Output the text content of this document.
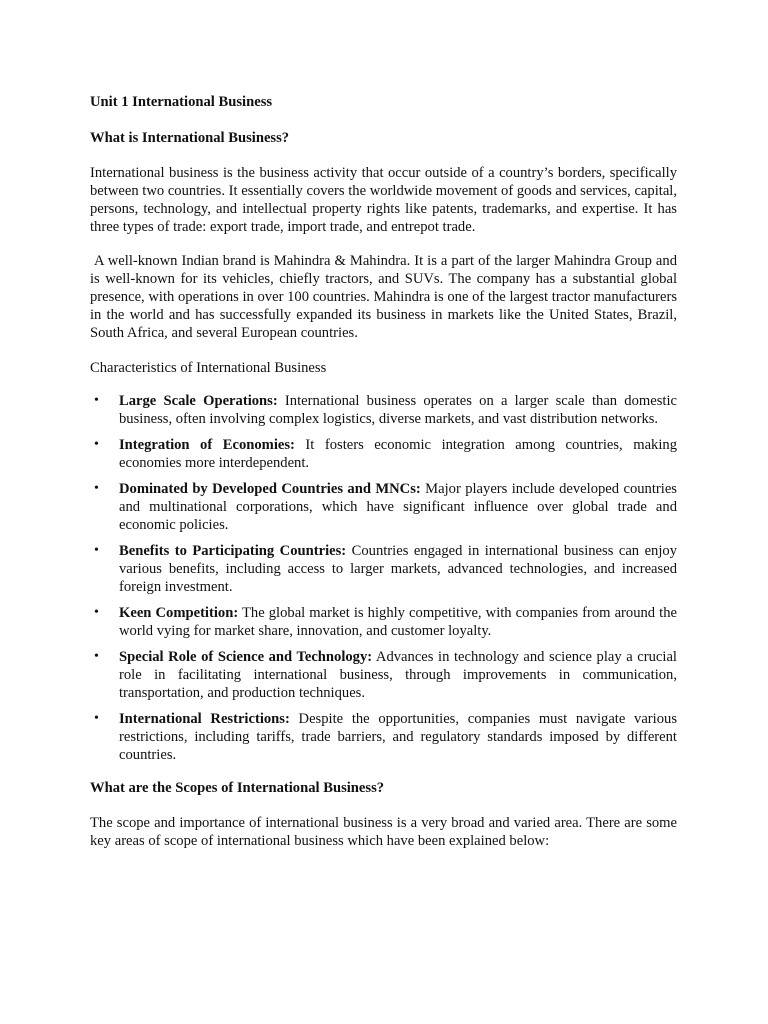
Unit 1 International Business
What is International Business?

International business is the business activity that occur outside of a country’s borders, specifically between two countries. It essentially covers the worldwide movement of goods and services, capital, persons, technology, and intellectual property rights like patents, trademarks, and expertise. It has three types of trade: export trade, import trade, and entrepot trade.

A well-known Indian brand is Mahindra & Mahindra. It is a part of the larger Mahindra Group and is well-known for its vehicles, chiefly tractors, and SUVs. The company has a substantial global presence, with operations in over 100 countries. Mahindra is one of the largest tractor manufacturers in the world and has successfully expanded its business in markets like the United States, Brazil, South Africa, and several European countries.

Characteristics of International Business
• Large Scale Operations: International business operates on a larger scale than domestic business, often involving complex logistics, diverse markets, and vast distribution networks.
• Integration of Economies: It fosters economic integration among countries, making economies more interdependent.
• Dominated by Developed Countries and MNCs: Major players include developed countries and multinational corporations, which have significant influence over global trade and economic policies.
• Benefits to Participating Countries: Countries engaged in international business can enjoy various benefits, including access to larger markets, advanced technologies, and increased foreign investment.
• Keen Competition: The global market is highly competitive, with companies from around the world vying for market share, innovation, and customer loyalty.
• Special Role of Science and Technology: Advances in technology and science play a crucial role in facilitating international business, through improvements in communication, transportation, and production techniques.
• International Restrictions: Despite the opportunities, companies must navigate various restrictions, including tariffs, trade barriers, and regulatory standards imposed by different countries.
What are the Scopes of International Business?

The scope and importance of international business is a very broad and varied area. There are some key areas of scope of international business which have been explained below:
